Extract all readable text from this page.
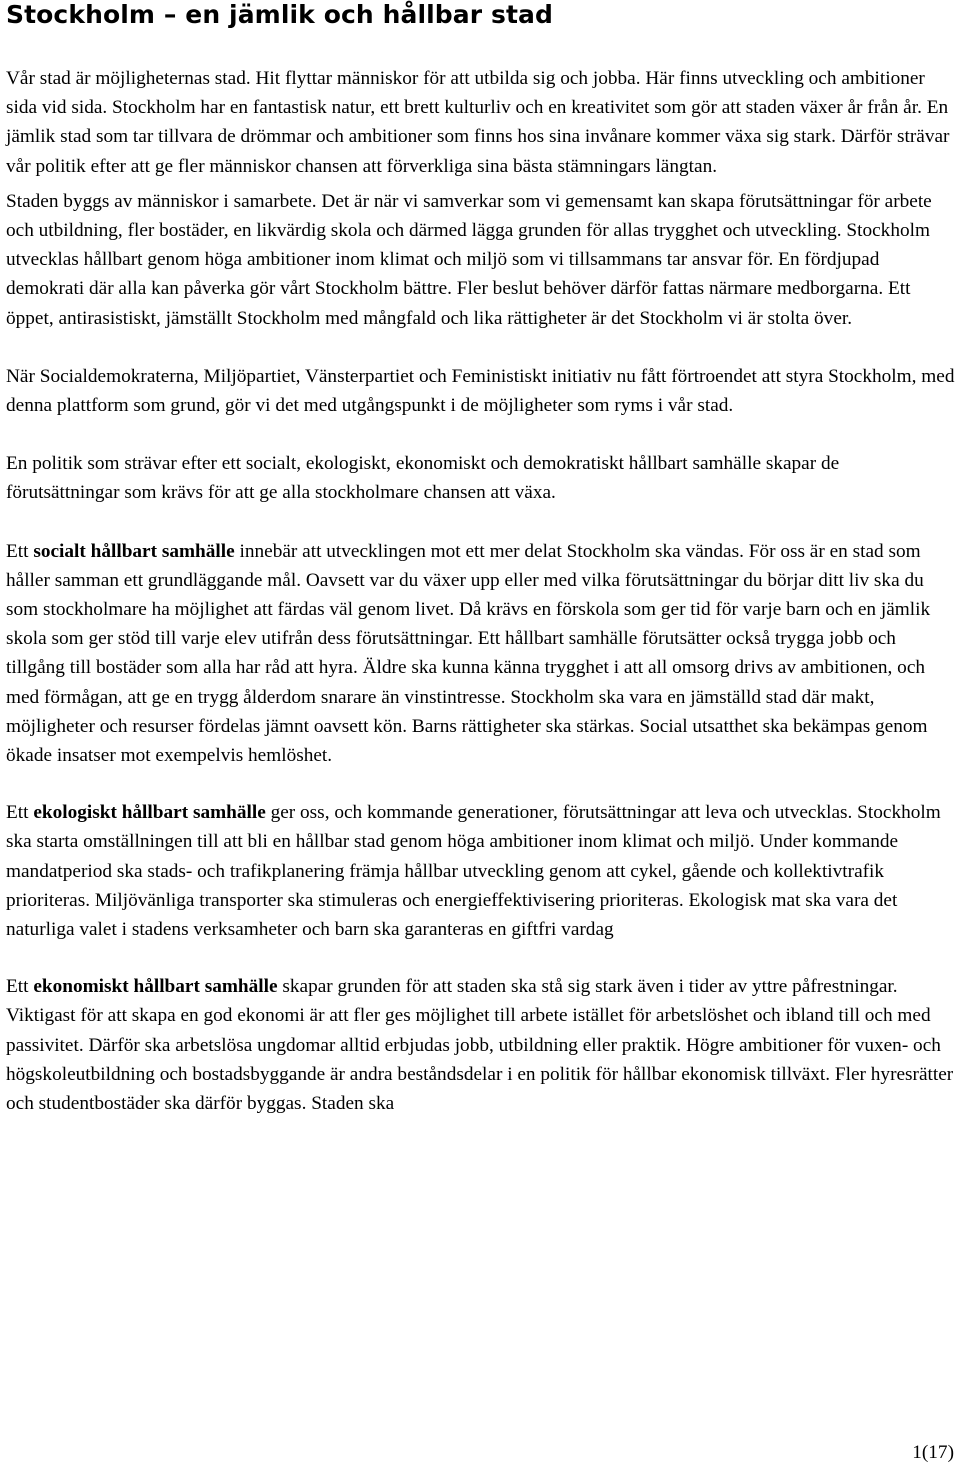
Stockholm – en jämlik och hållbar stad

Vår stad är möjligheternas stad. Hit flyttar människor för att utbilda sig och jobba. Här finns utveckling och ambitioner sida vid sida. Stockholm har en fantastisk natur, ett brett kulturliv och en kreativitet som gör att staden växer år från år. En jämlik stad som tar tillvara de drömmar och ambitioner som finns hos sina invånare kommer växa sig stark. Därför strävar vår politik efter att ge fler människor chansen att förverkliga sina bästa stämningars längtan.

Staden byggs av människor i samarbete. Det är när vi samverkar som vi gemensamt kan skapa förutsättningar för arbete och utbildning, fler bostäder, en likvärdig skola och därmed lägga grunden för allas trygghet och utveckling. Stockholm utvecklas hållbart genom höga ambitioner inom klimat och miljö som vi tillsammans tar ansvar för. En fördjupad demokrati där alla kan påverka gör vårt Stockholm bättre. Fler beslut behöver därför fattas närmare medborgarna. Ett öppet, antirasistiskt, jämställt Stockholm med mångfald och lika rättigheter är det Stockholm vi är stolta över.

När Socialdemokraterna, Miljöpartiet, Vänsterpartiet och Feministiskt initiativ nu fått förtroendet att styra Stockholm, med denna plattform som grund, gör vi det med utgångspunkt i de möjligheter som ryms i vår stad.

En politik som strävar efter ett socialt, ekologiskt, ekonomiskt och demokratiskt hållbart samhälle skapar de förutsättningar som krävs för att ge alla stockholmare chansen att växa.

Ett socialt hållbart samhälle innebär att utvecklingen mot ett mer delat Stockholm ska vändas. För oss är en stad som håller samman ett grundläggande mål. Oavsett var du växer upp eller med vilka förutsättningar du börjar ditt liv ska du som stockholmare ha möjlighet att färdas väl genom livet. Då krävs en förskola som ger tid för varje barn och en jämlik skola som ger stöd till varje elev utifrån dess förutsättningar. Ett hållbart samhälle förutsätter också trygga jobb och tillgång till bostäder som alla har råd att hyra. Äldre ska kunna känna trygghet i att all omsorg drivs av ambitionen, och med förmågan, att ge en trygg ålderdom snarare än vinstintresse. Stockholm ska vara en jämställd stad där makt, möjligheter och resurser fördelas jämnt oavsett kön. Barns rättigheter ska stärkas. Social utsatthet ska bekämpas genom ökade insatser mot exempelvis hemlöshet.

Ett ekologiskt hållbart samhälle ger oss, och kommande generationer, förutsättningar att leva och utvecklas. Stockholm ska starta omställningen till att bli en hållbar stad genom höga ambitioner inom klimat och miljö. Under kommande mandatperiod ska stads- och trafikplanering främja hållbar utveckling genom att cykel, gående och kollektivtrafik prioriteras. Miljövänliga transporter ska stimuleras och energieffektivisering prioriteras. Ekologisk mat ska vara det naturliga valet i stadens verksamheter och barn ska garanteras en giftfri vardag

Ett ekonomiskt hållbart samhälle skapar grunden för att staden ska stå sig stark även i tider av yttre påfrestningar. Viktigast för att skapa en god ekonomi är att fler ges möjlighet till arbete istället för arbetslöshet och ibland till och med passivitet. Därför ska arbetslösa ungdomar alltid erbjudas jobb, utbildning eller praktik. Högre ambitioner för vuxen- och högskoleutbildning och bostadsbyggande är andra beståndsdelar i en politik för hållbar ekonomisk tillväxt. Fler hyresrätter och studentbostäder ska därför byggas. Staden ska

1(17)
